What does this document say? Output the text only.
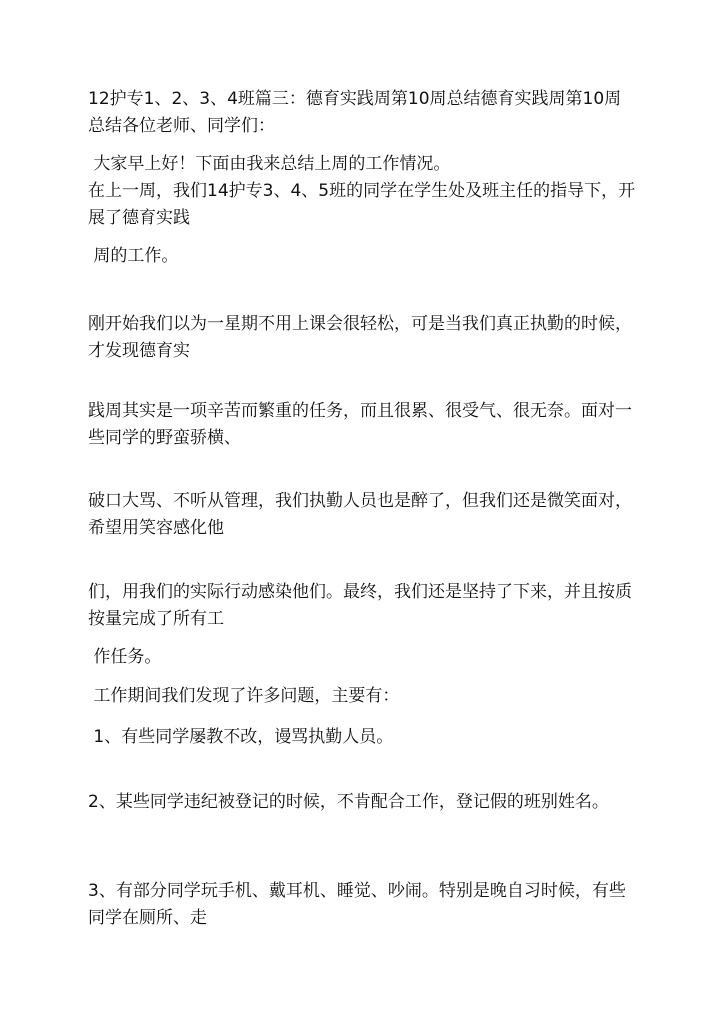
12护专1、2、3、4班篇三：德育实践周第10周总结德育实践周第10周总结各位老师、同学们：

大家早上好！下面由我来总结上周的工作情况。

在上一周，我们14护专3、4、5班的同学在学生处及班主任的指导下，开展了德育实践

周的工作。

刚开始我们以为一星期不用上课会很轻松，可是当我们真正执勤的时候，才发现德育实

践周其实是一项辛苦而繁重的任务，而且很累、很受气、很无奈。面对一些同学的野蛮骄横、

破口大骂、不听从管理，我们执勤人员也是醉了，但我们还是微笑面对，希望用笑容感化他

们，用我们的实际行动感染他们。最终，我们还是坚持了下来，并且按质按量完成了所有工

作任务。

工作期间我们发现了许多问题，主要有：

1、有些同学屡教不改，谩骂执勤人员。

2、某些同学违纪被登记的时候，不肯配合工作，登记假的班别姓名。

3、有部分同学玩手机、戴耳机、睡觉、吵闹。特别是晚自习时候，有些同学在厕所、走
